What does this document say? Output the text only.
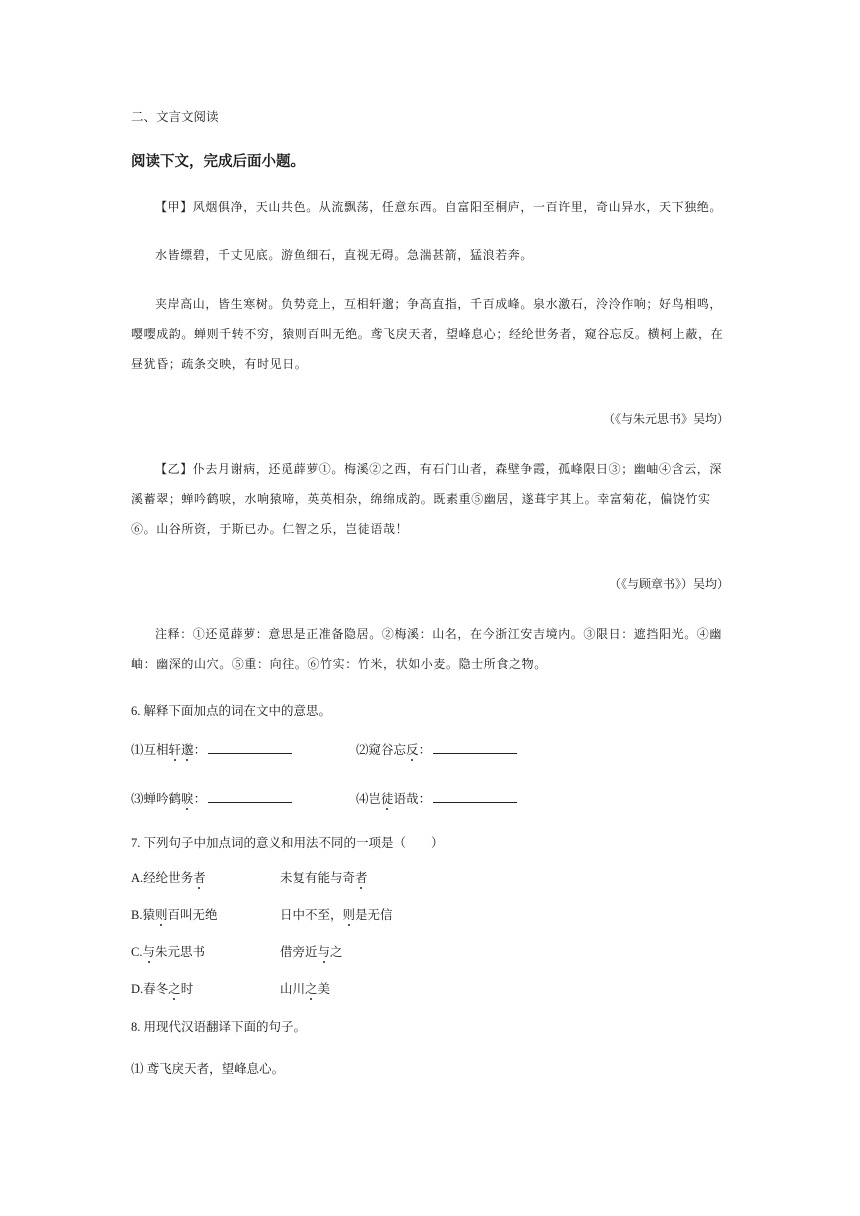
二、文言文阅读
阅读下文，完成后面小题。
【甲】风烟俱净，天山共色。从流飘荡，任意东西。自富阳至桐庐，一百许里，奇山异水，天下独绝。
水皆缥碧，千丈见底。游鱼细石，直视无碍。急湍甚箭，猛浪若奔。
夹岸高山，皆生寒树。负势竞上，互相轩邈；争高直指，千百成峰。泉水激石，泠泠作响；好鸟相鸣，嘤嘤成韵。蝉则千转不穷，猿则百叫无绝。鸢飞戾天者，望峰息心；经纶世务者，窥谷忘反。横柯上蔽，在昼犹昏；疏条交映，有时见日。
（《与朱元思书》吴均）
【乙】仆去月谢病，还觅薜萝①。梅溪②之西，有石门山者，森壁争霞，孤峰限日③；幽岫④含云，深溪蓄翠；蝉吟鹤唳，水响猿啼，英英相杂，绵绵成韵。既素重⑤幽居，遂葺宇其上。幸富菊花，偏饶竹实⑥。山谷所资，于斯已办。仁智之乐，岂徒语哉！
（《与顾章书》）吴均）
注释：①还觅薜萝：意思是正准备隐居。②梅溪：山名，在今浙江安吉境内。③限日：遮挡阳光。④幽岫：幽深的山穴。⑤重：向往。⑥竹实：竹米，状如小麦。隐士所食之物。
6. 解释下面加点的词在文中的意思。
⑴互相轩邈：	⑵窥谷忘反：
⑶蝉吟鹤唳：	⑷岂徒语哉：
7. 下列句子中加点词的意义和用法不同的一项是（　　）
A.经纶世务者	未复有能与奇者
B.猿则百叫无绝	日中不至，则是无信
C.与朱元思书	借旁近与之
D.春冬之时	山川之美
8. 用现代汉语翻译下面的句子。
⑴ 鸢飞戾天者，望峰息心。
